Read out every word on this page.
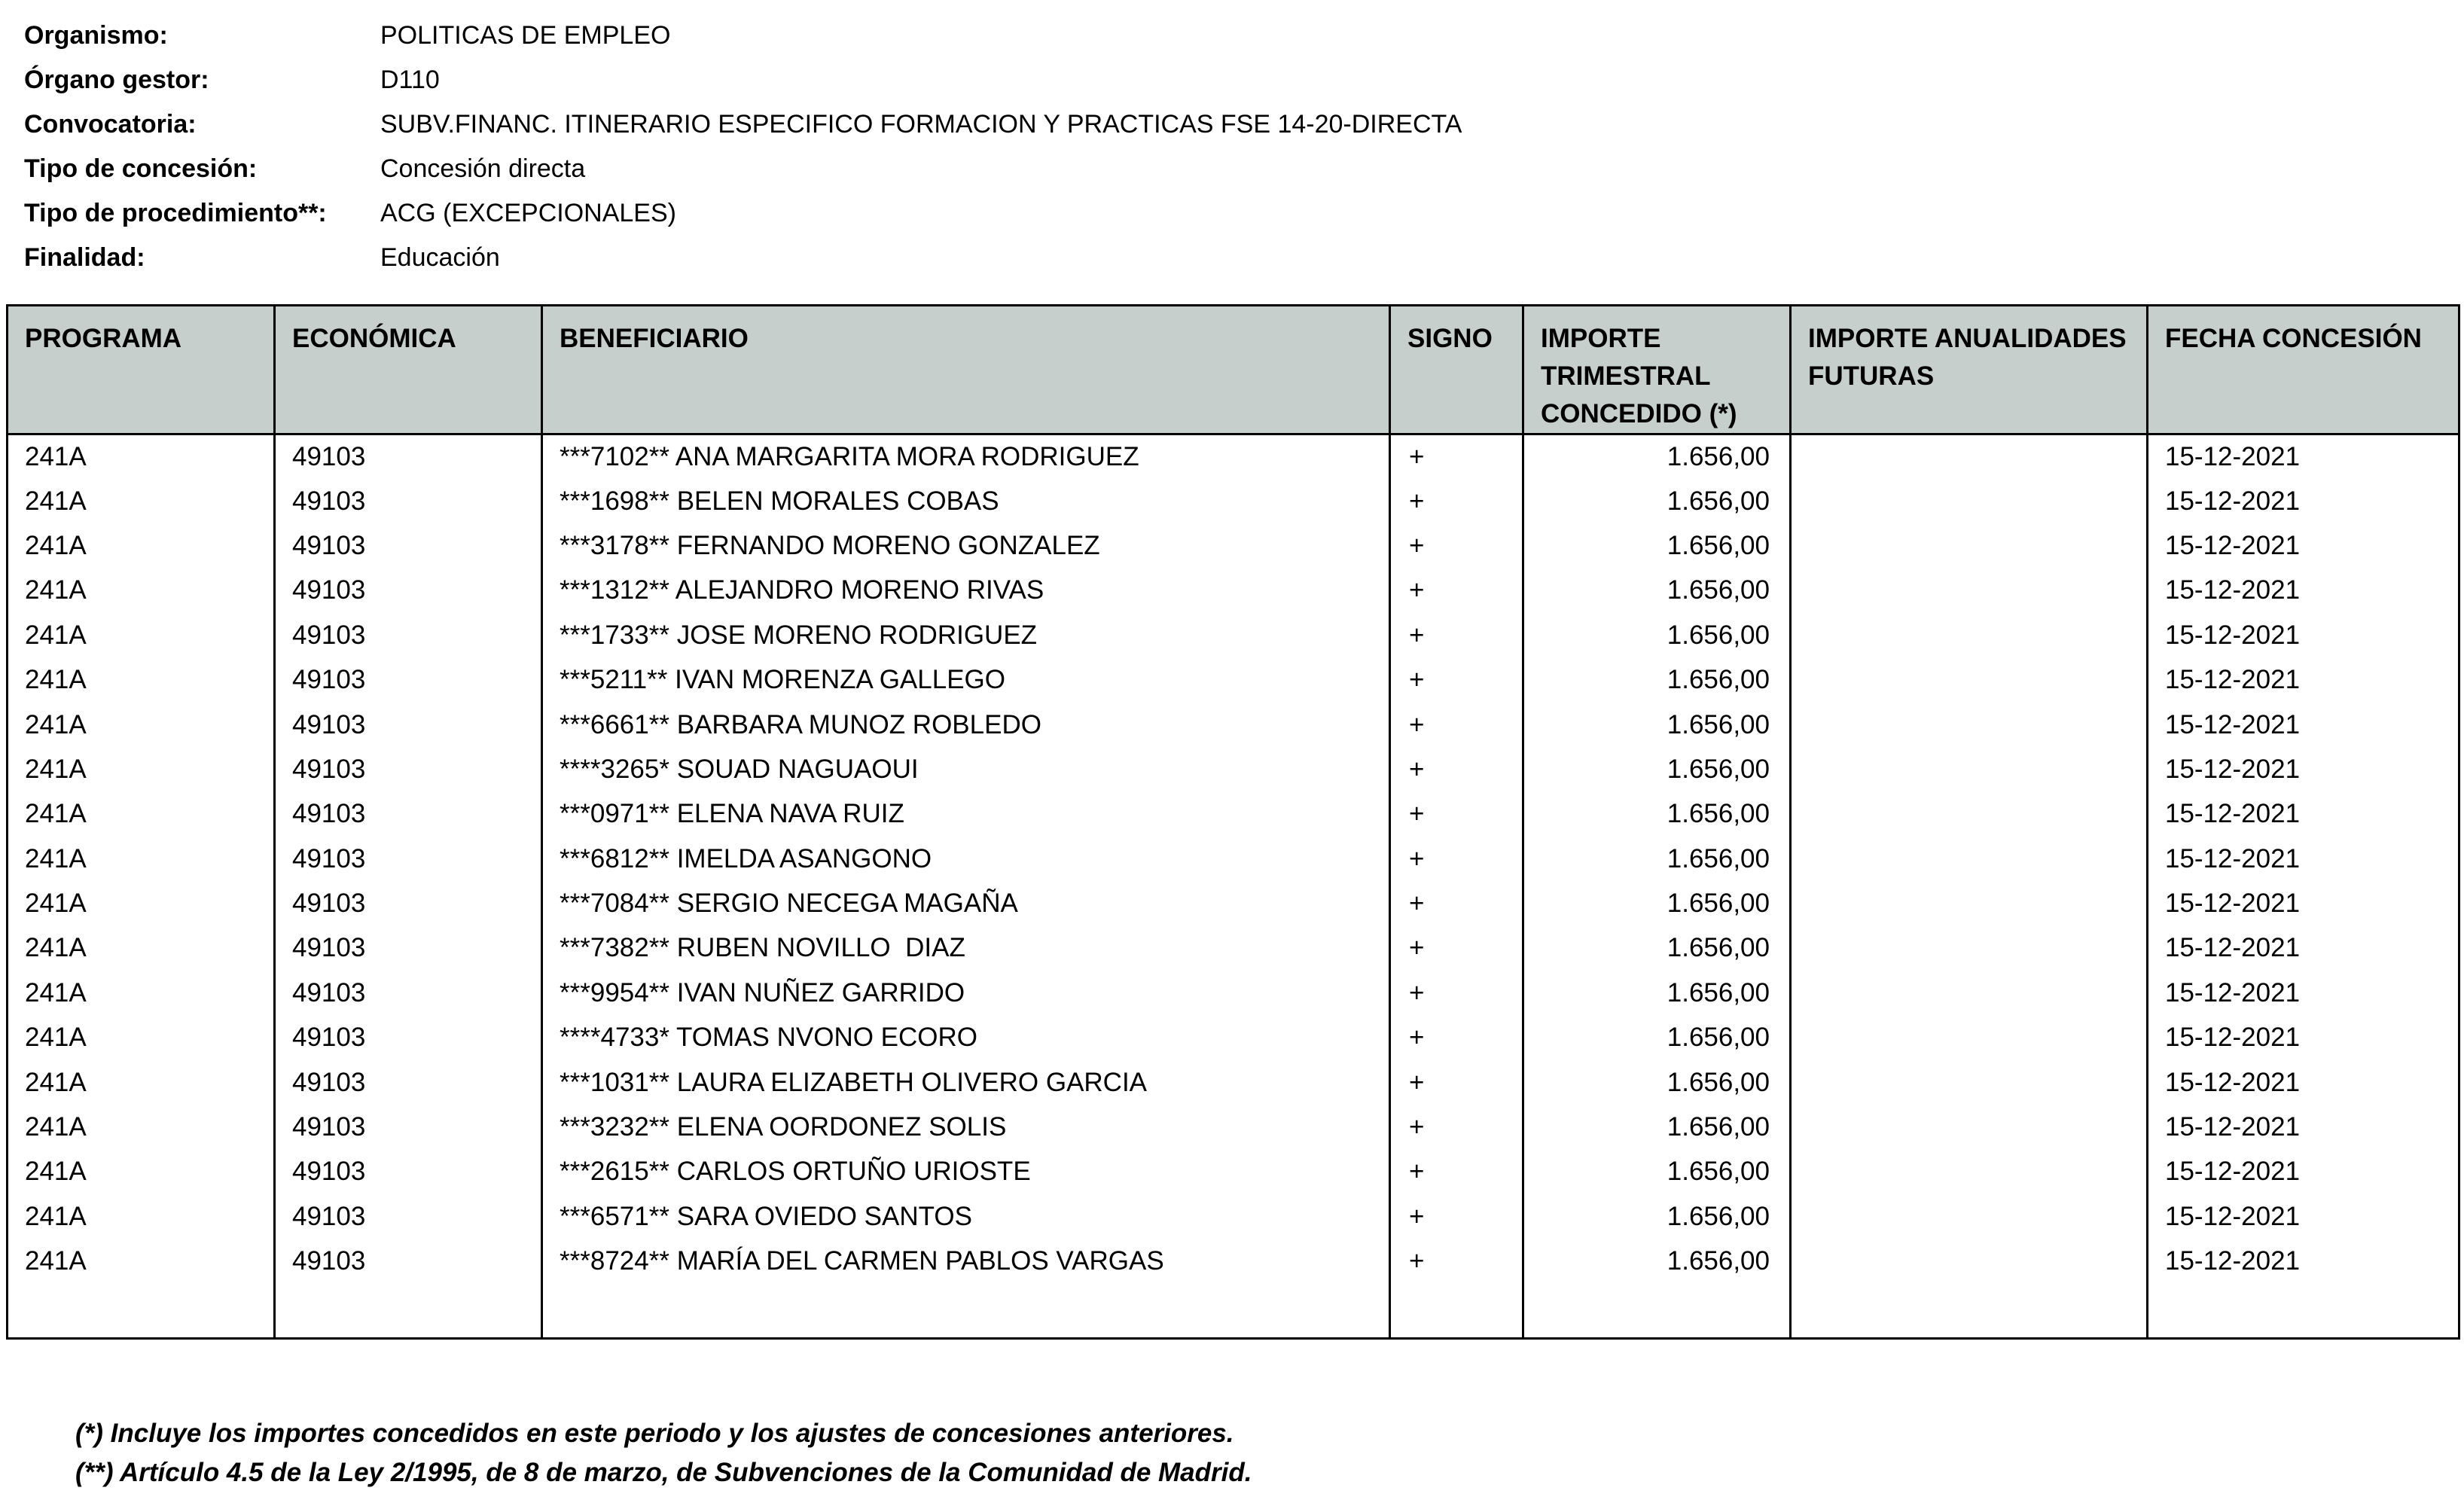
Organismo:	POLITICAS DE EMPLEO
Órgano gestor:	D110
Convocatoria:	SUBV.FINANC. ITINERARIO ESPECIFICO FORMACION Y PRACTICAS FSE 14-20-DIRECTA
Tipo de concesión:	Concesión directa
Tipo de procedimiento**:	ACG (EXCEPCIONALES)
Finalidad:	Educación
PROGRAMA	ECONÓMICA	BENEFICIARIO	SIGNO	IMPORTE TRIMESTRAL CONCEDIDO (*)	IMPORTE ANUALIDADES FUTURAS	FECHA CONCESIÓN
241A	49103	***7102** ANA MARGARITA MORA RODRIGUEZ	+	1.656,00		15-12-2021
241A	49103	***1698** BELEN MORALES COBAS	+	1.656,00		15-12-2021
241A	49103	***3178** FERNANDO MORENO GONZALEZ	+	1.656,00		15-12-2021
241A	49103	***1312** ALEJANDRO MORENO RIVAS	+	1.656,00		15-12-2021
241A	49103	***1733** JOSE MORENO RODRIGUEZ	+	1.656,00		15-12-2021
241A	49103	***5211** IVAN MORENZA GALLEGO	+	1.656,00		15-12-2021
241A	49103	***6661** BARBARA MUNOZ ROBLEDO	+	1.656,00		15-12-2021
241A	49103	****3265* SOUAD NAGUAOUI	+	1.656,00		15-12-2021
241A	49103	***0971** ELENA NAVA RUIZ	+	1.656,00		15-12-2021
241A	49103	***6812** IMELDA ASANGONO	+	1.656,00		15-12-2021
241A	49103	***7084** SERGIO NECEGA MAGAÑA	+	1.656,00		15-12-2021
241A	49103	***7382** RUBEN NOVILLO  DIAZ	+	1.656,00		15-12-2021
241A	49103	***9954** IVAN NUÑEZ GARRIDO	+	1.656,00		15-12-2021
241A	49103	****4733* TOMAS NVONO ECORO	+	1.656,00		15-12-2021
241A	49103	***1031** LAURA ELIZABETH OLIVERO GARCIA	+	1.656,00		15-12-2021
241A	49103	***3232** ELENA OORDONEZ SOLIS	+	1.656,00		15-12-2021
241A	49103	***2615** CARLOS ORTUÑO URIOSTE	+	1.656,00		15-12-2021
241A	49103	***6571** SARA OVIEDO SANTOS	+	1.656,00		15-12-2021
241A	49103	***8724** MARÍA DEL CARMEN PABLOS VARGAS	+	1.656,00		15-12-2021

(*) Incluye los importes concedidos en este periodo y los ajustes de concesiones anteriores.
(**) Artículo 4.5 de la Ley 2/1995, de 8 de marzo, de Subvenciones de la Comunidad de Madrid.
